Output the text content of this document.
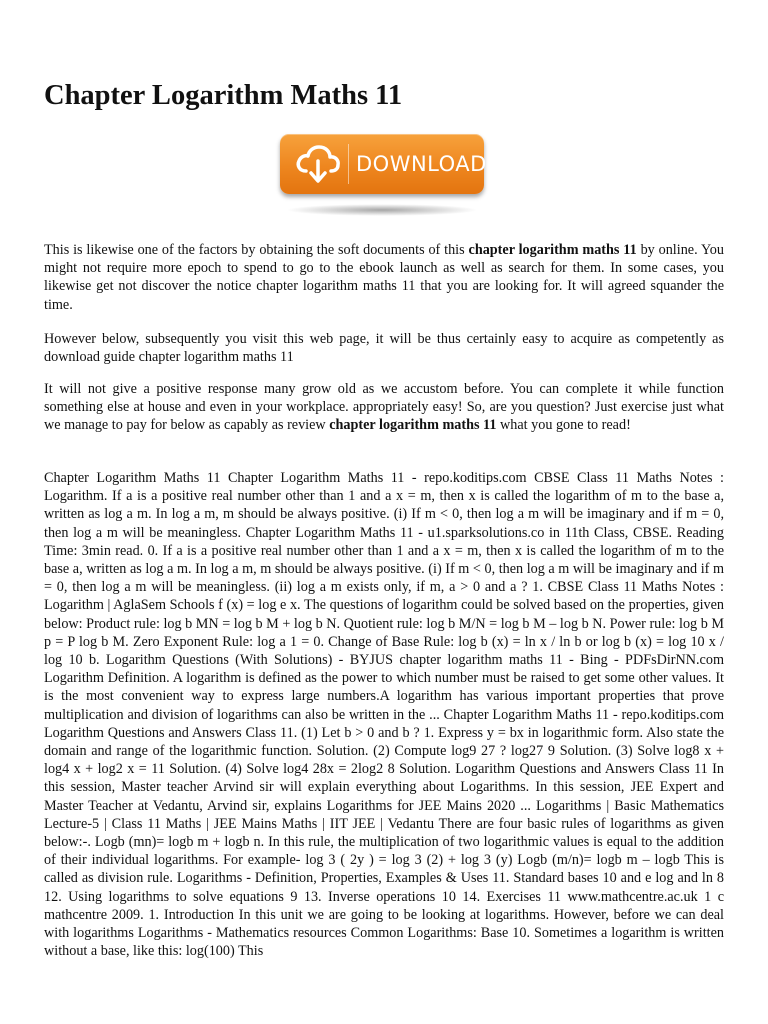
Chapter Logarithm Maths 11
DOWNLOAD

This is likewise one of the factors by obtaining the soft documents of this chapter logarithm maths 11 by online. You might not require more epoch to spend to go to the ebook launch as well as search for them. In some cases, you likewise get not discover the notice chapter logarithm maths 11 that you are looking for. It will agreed squander the time.

However below, subsequently you visit this web page, it will be thus certainly easy to acquire as competently as download guide chapter logarithm maths 11

It will not give a positive response many grow old as we accustom before. You can complete it while function something else at house and even in your workplace. appropriately easy! So, are you question? Just exercise just what we manage to pay for below as capably as review chapter logarithm maths 11 what you gone to read!

Chapter Logarithm Maths 11 Chapter Logarithm Maths 11 - repo.koditips.com CBSE Class 11 Maths Notes : Logarithm. If a is a positive real number other than 1 and a x = m, then x is called the logarithm of m to the base a, written as log a m. In log a m, m should be always positive. (i) If m < 0, then log a m will be imaginary and if m = 0, then log a m will be meaningless. Chapter Logarithm Maths 11 - u1.sparksolutions.co in 11th Class, CBSE. Reading Time: 3min read. 0. If a is a positive real number other than 1 and a x = m, then x is called the logarithm of m to the base a, written as log a m. In log a m, m should be always positive. (i) If m < 0, then log a m will be imaginary and if m = 0, then log a m will be meaningless. (ii) log a m exists only, if m, a > 0 and a ? 1. CBSE Class 11 Maths Notes : Logarithm | AglaSem Schools f (x) = log e x. The questions of logarithm could be solved based on the properties, given below: Product rule: log b MN = log b M + log b N. Quotient rule: log b M/N = log b M – log b N. Power rule: log b M p = P log b M. Zero Exponent Rule: log a 1 = 0. Change of Base Rule: log b (x) = ln x / ln b or log b (x) = log 10 x / log 10 b. Logarithm Questions (With Solutions) - BYJUS chapter logarithm maths 11 - Bing - PDFsDirNN.com Logarithm Definition. A logarithm is defined as the power to which number must be raised to get some other values. It is the most convenient way to express large numbers.A logarithm has various important properties that prove multiplication and division of logarithms can also be written in the ... Chapter Logarithm Maths 11 - repo.koditips.com Logarithm Questions and Answers Class 11. (1) Let b > 0 and b ? 1. Express y = bx in logarithmic form. Also state the domain and range of the logarithmic function. Solution. (2) Compute log9 27 ? log27 9 Solution. (3) Solve log8 x + log4 x + log2 x = 11 Solution. (4) Solve log4 28x = 2log2 8 Solution. Logarithm Questions and Answers Class 11 In this session, Master teacher Arvind sir will explain everything about Logarithms. In this session, JEE Expert and Master Teacher at Vedantu, Arvind sir, explains Logarithms for JEE Mains 2020 ... Logarithms | Basic Mathematics Lecture-5 | Class 11 Maths | JEE Mains Maths | IIT JEE | Vedantu There are four basic rules of logarithms as given below:-. Logb (mn)= logb m + logb n. In this rule, the multiplication of two logarithmic values is equal to the addition of their individual logarithms. For example- log 3 ( 2y ) = log 3 (2) + log 3 (y) Logb (m/n)= logb m – logb This is called as division rule. Logarithms - Definition, Properties, Examples & Uses 11. Standard bases 10 and e log and ln 8 12. Using logarithms to solve equations 9 13. Inverse operations 10 14. Exercises 11 www.mathcentre.ac.uk 1 c mathcentre 2009. 1. Introduction In this unit we are going to be looking at logarithms. However, before we can deal with logarithms Logarithms - Mathematics resources Common Logarithms: Base 10. Sometimes a logarithm is written without a base, like this: log(100) This
